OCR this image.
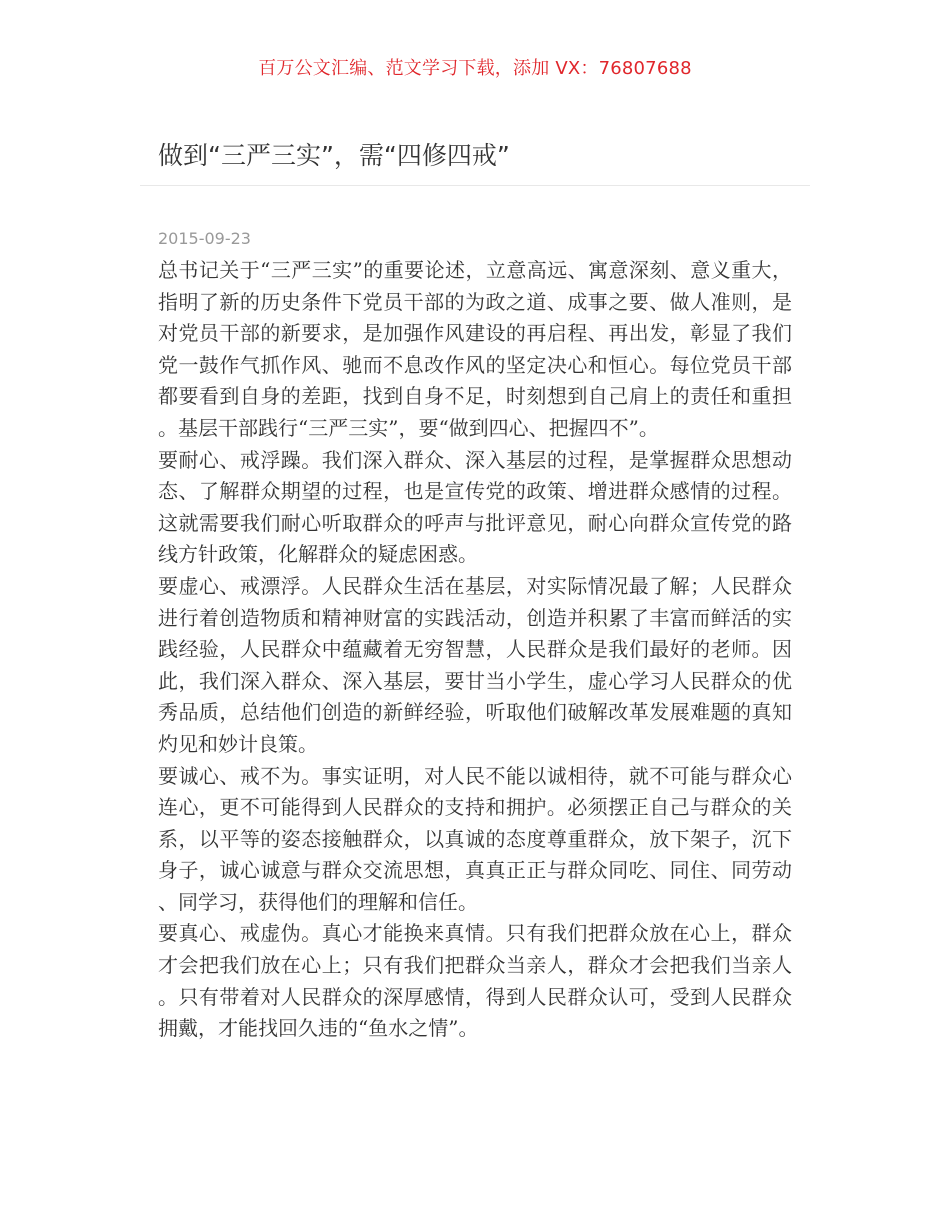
百万公文汇编、范文学习下载，添加 VX：76807688
做到“三严三实”，需“四修四戒”
2015-09-23

总书记关于“三严三实”的重要论述，立意高远、寓意深刻、意义重大，指明了新的历史条件下党员干部的为政之道、成事之要、做人准则，是对党员干部的新要求，是加强作风建设的再启程、再出发，彰显了我们党一鼓作气抓作风、驰而不息改作风的坚定决心和恒心。每位党员干部都要看到自身的差距，找到自身不足，时刻想到自己肩上的责任和重担。基层干部践行“三严三实”，要“做到四心、把握四不”。

要耐心、戒浮躁。我们深入群众、深入基层的过程，是掌握群众思想动态、了解群众期望的过程，也是宣传党的政策、增进群众感情的过程。这就需要我们耐心听取群众的呼声与批评意见，耐心向群众宣传党的路线方针政策，化解群众的疑虑困惑。

要虚心、戒漂浮。人民群众生活在基层，对实际情况最了解；人民群众进行着创造物质和精神财富的实践活动，创造并积累了丰富而鲜活的实践经验，人民群众中蕴藏着无穷智慧，人民群众是我们最好的老师。因此，我们深入群众、深入基层，要甘当小学生，虚心学习人民群众的优秀品质，总结他们创造的新鲜经验，听取他们破解改革发展难题的真知灼见和妙计良策。

要诚心、戒不为。事实证明，对人民不能以诚相待，就不可能与群众心连心，更不可能得到人民群众的支持和拥护。必须摆正自己与群众的关系，以平等的姿态接触群众，以真诚的态度尊重群众，放下架子，沉下身子，诚心诚意与群众交流思想，真真正正与群众同吃、同住、同劳动、同学习，获得他们的理解和信任。

要真心、戒虚伪。真心才能换来真情。只有我们把群众放在心上，群众才会把我们放在心上；只有我们把群众当亲人，群众才会把我们当亲人。只有带着对人民群众的深厚感情，得到人民群众认可，受到人民群众拥戴，才能找回久违的“鱼水之情”。
